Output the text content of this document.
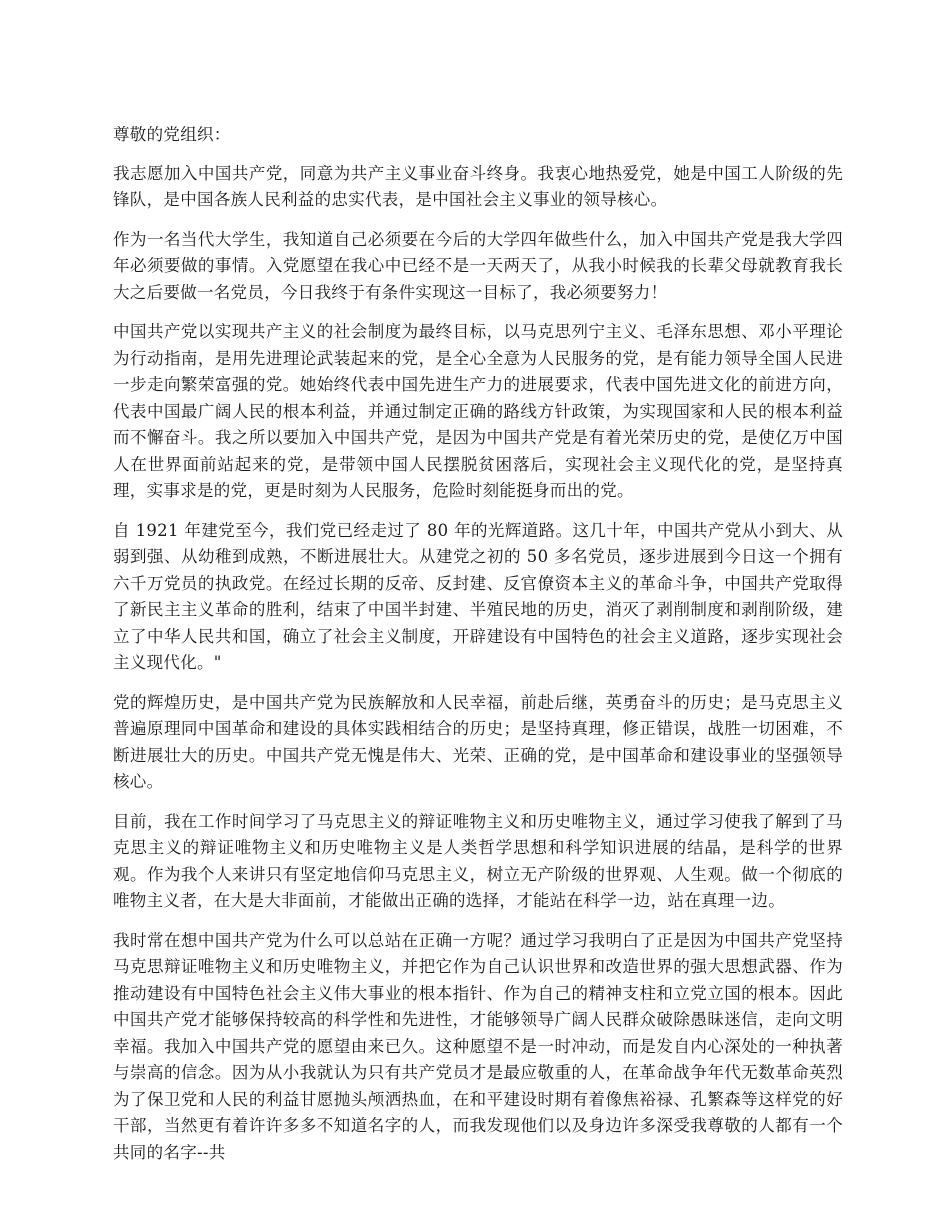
尊敬的党组织：

我志愿加入中国共产党，同意为共产主义事业奋斗终身。我衷心地热爱党，她是中国工人阶级的先锋队，是中国各族人民利益的忠实代表，是中国社会主义事业的领导核心。

作为一名当代大学生，我知道自己必须要在今后的大学四年做些什么，加入中国共产党是我大学四年必须要做的事情。入党愿望在我心中已经不是一天两天了，从我小时候我的长辈父母就教育我长大之后要做一名党员，今日我终于有条件实现这一目标了，我必须要努力！

中国共产党以实现共产主义的社会制度为最终目标，以马克思列宁主义、毛泽东思想、邓小平理论为行动指南，是用先进理论武装起来的党，是全心全意为人民服务的党，是有能力领导全国人民进一步走向繁荣富强的党。她始终代表中国先进生产力的进展要求，代表中国先进文化的前进方向，代表中国最广阔人民的根本利益，并通过制定正确的路线方针政策，为实现国家和人民的根本利益而不懈奋斗。我之所以要加入中国共产党，是因为中国共产党是有着光荣历史的党，是使亿万中国人在世界面前站起来的党，是带领中国人民摆脱贫困落后，实现社会主义现代化的党，是坚持真理，实事求是的党，更是时刻为人民服务，危险时刻能挺身而出的党。

自 1921 年建党至今，我们党已经走过了 80 年的光辉道路。这几十年，中国共产党从小到大、从弱到强、从幼稚到成熟，不断进展壮大。从建党之初的 50 多名党员，逐步进展到今日这一个拥有六千万党员的执政党。在经过长期的反帝、反封建、反官僚资本主义的革命斗争，中国共产党取得了新民主主义革命的胜利，结束了中国半封建、半殖民地的历史，消灭了剥削制度和剥削阶级，建立了中华人民共和国，确立了社会主义制度，开辟建设有中国特色的社会主义道路，逐步实现社会主义现代化。"

党的辉煌历史，是中国共产党为民族解放和人民幸福，前赴后继，英勇奋斗的历史；是马克思主义普遍原理同中国革命和建设的具体实践相结合的历史；是坚持真理，修正错误，战胜一切困难，不断进展壮大的历史。中国共产党无愧是伟大、光荣、正确的党，是中国革命和建设事业的坚强领导核心。

目前，我在工作时间学习了马克思主义的辩证唯物主义和历史唯物主义，通过学习使我了解到了马克思主义的辩证唯物主义和历史唯物主义是人类哲学思想和科学知识进展的结晶，是科学的世界观。作为我个人来讲只有坚定地信仰马克思主义，树立无产阶级的世界观、人生观。做一个彻底的唯物主义者，在大是大非面前，才能做出正确的选择，才能站在科学一边，站在真理一边。

我时常在想中国共产党为什么可以总站在正确一方呢？通过学习我明白了正是因为中国共产党坚持马克思辩证唯物主义和历史唯物主义，并把它作为自己认识世界和改造世界的强大思想武器、作为推动建设有中国特色社会主义伟大事业的根本指针、作为自己的精神支柱和立党立国的根本。因此中国共产党才能够保持较高的科学性和先进性，才能够领导广阔人民群众破除愚昧迷信，走向文明幸福。我加入中国共产党的愿望由来已久。这种愿望不是一时冲动，而是发自内心深处的一种执著与崇高的信念。因为从小我就认为只有共产党员才是最应敬重的人，在革命战争年代无数革命英烈为了保卫党和人民的利益甘愿抛头颅洒热血，在和平建设时期有着像焦裕禄、孔繁森等这样党的好干部，当然更有着许许多多不知道名字的人，而我发现他们以及身边许多深受我尊敬的人都有一个共同的名字--共
